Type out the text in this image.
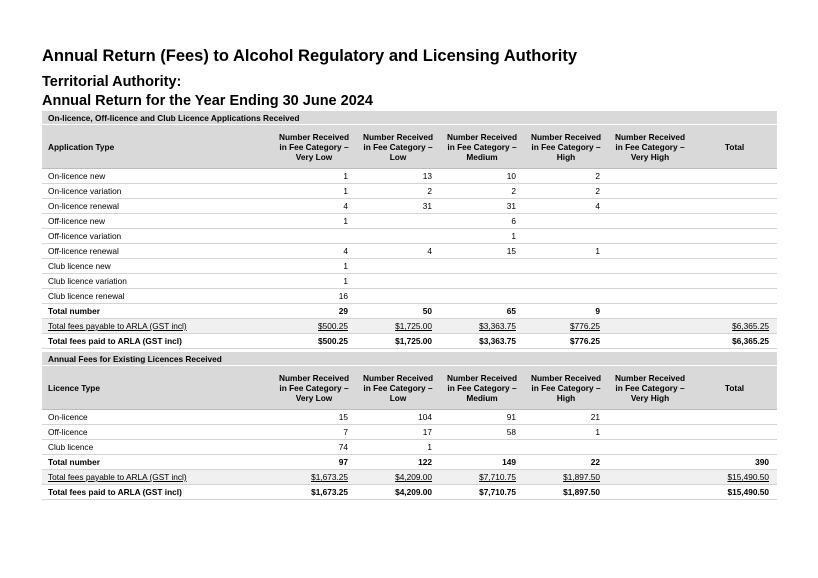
Annual Return (Fees) to Alcohol Regulatory and Licensing Authority
Territorial Authority:
Annual Return for the Year Ending 30 June 2024
On-licence, Off-licence and Club Licence Applications Received						
Application Type	Number Received in Fee Category – Very Low	Number Received in Fee Category – Low	Number Received in Fee Category – Medium	Number Received in Fee Category – High	Number Received in Fee Category – Very High	Total
On-licence new	1	13	10	2		
On-licence variation	1	2	2	2		
On-licence renewal	4	31	31	4		
Off-licence new	1		6			
Off-licence variation			1			
Off-licence renewal	4	4	15	1		
Club licence new	1					
Club licence variation	1					
Club licence renewal	16					
Total number	29	50	65	9		
Total fees payable to ARLA (GST incl)	$500.25	$1,725.00	$3,363.75	$776.25		$6,365.25
Total fees paid to ARLA (GST incl)	$500.25	$1,725.00	$3,363.75	$776.25		$6,365.25
Annual Fees for Existing Licences Received						
Licence Type	Number Received in Fee Category – Very Low	Number Received in Fee Category – Low	Number Received in Fee Category – Medium	Number Received in Fee Category – High	Number Received in Fee Category – Very High	Total
On-licence	15	104	91	21		
Off-licence	7	17	58	1		
Club licence	74	1				
Total number	97	122	149	22		390
Total fees payable to ARLA (GST incl)	$1,673.25	$4,209.00	$7,710.75	$1,897.50		$15,490.50
Total fees paid to ARLA (GST incl)	$1,673.25	$4,209.00	$7,710.75	$1,897.50		$15,490.50
